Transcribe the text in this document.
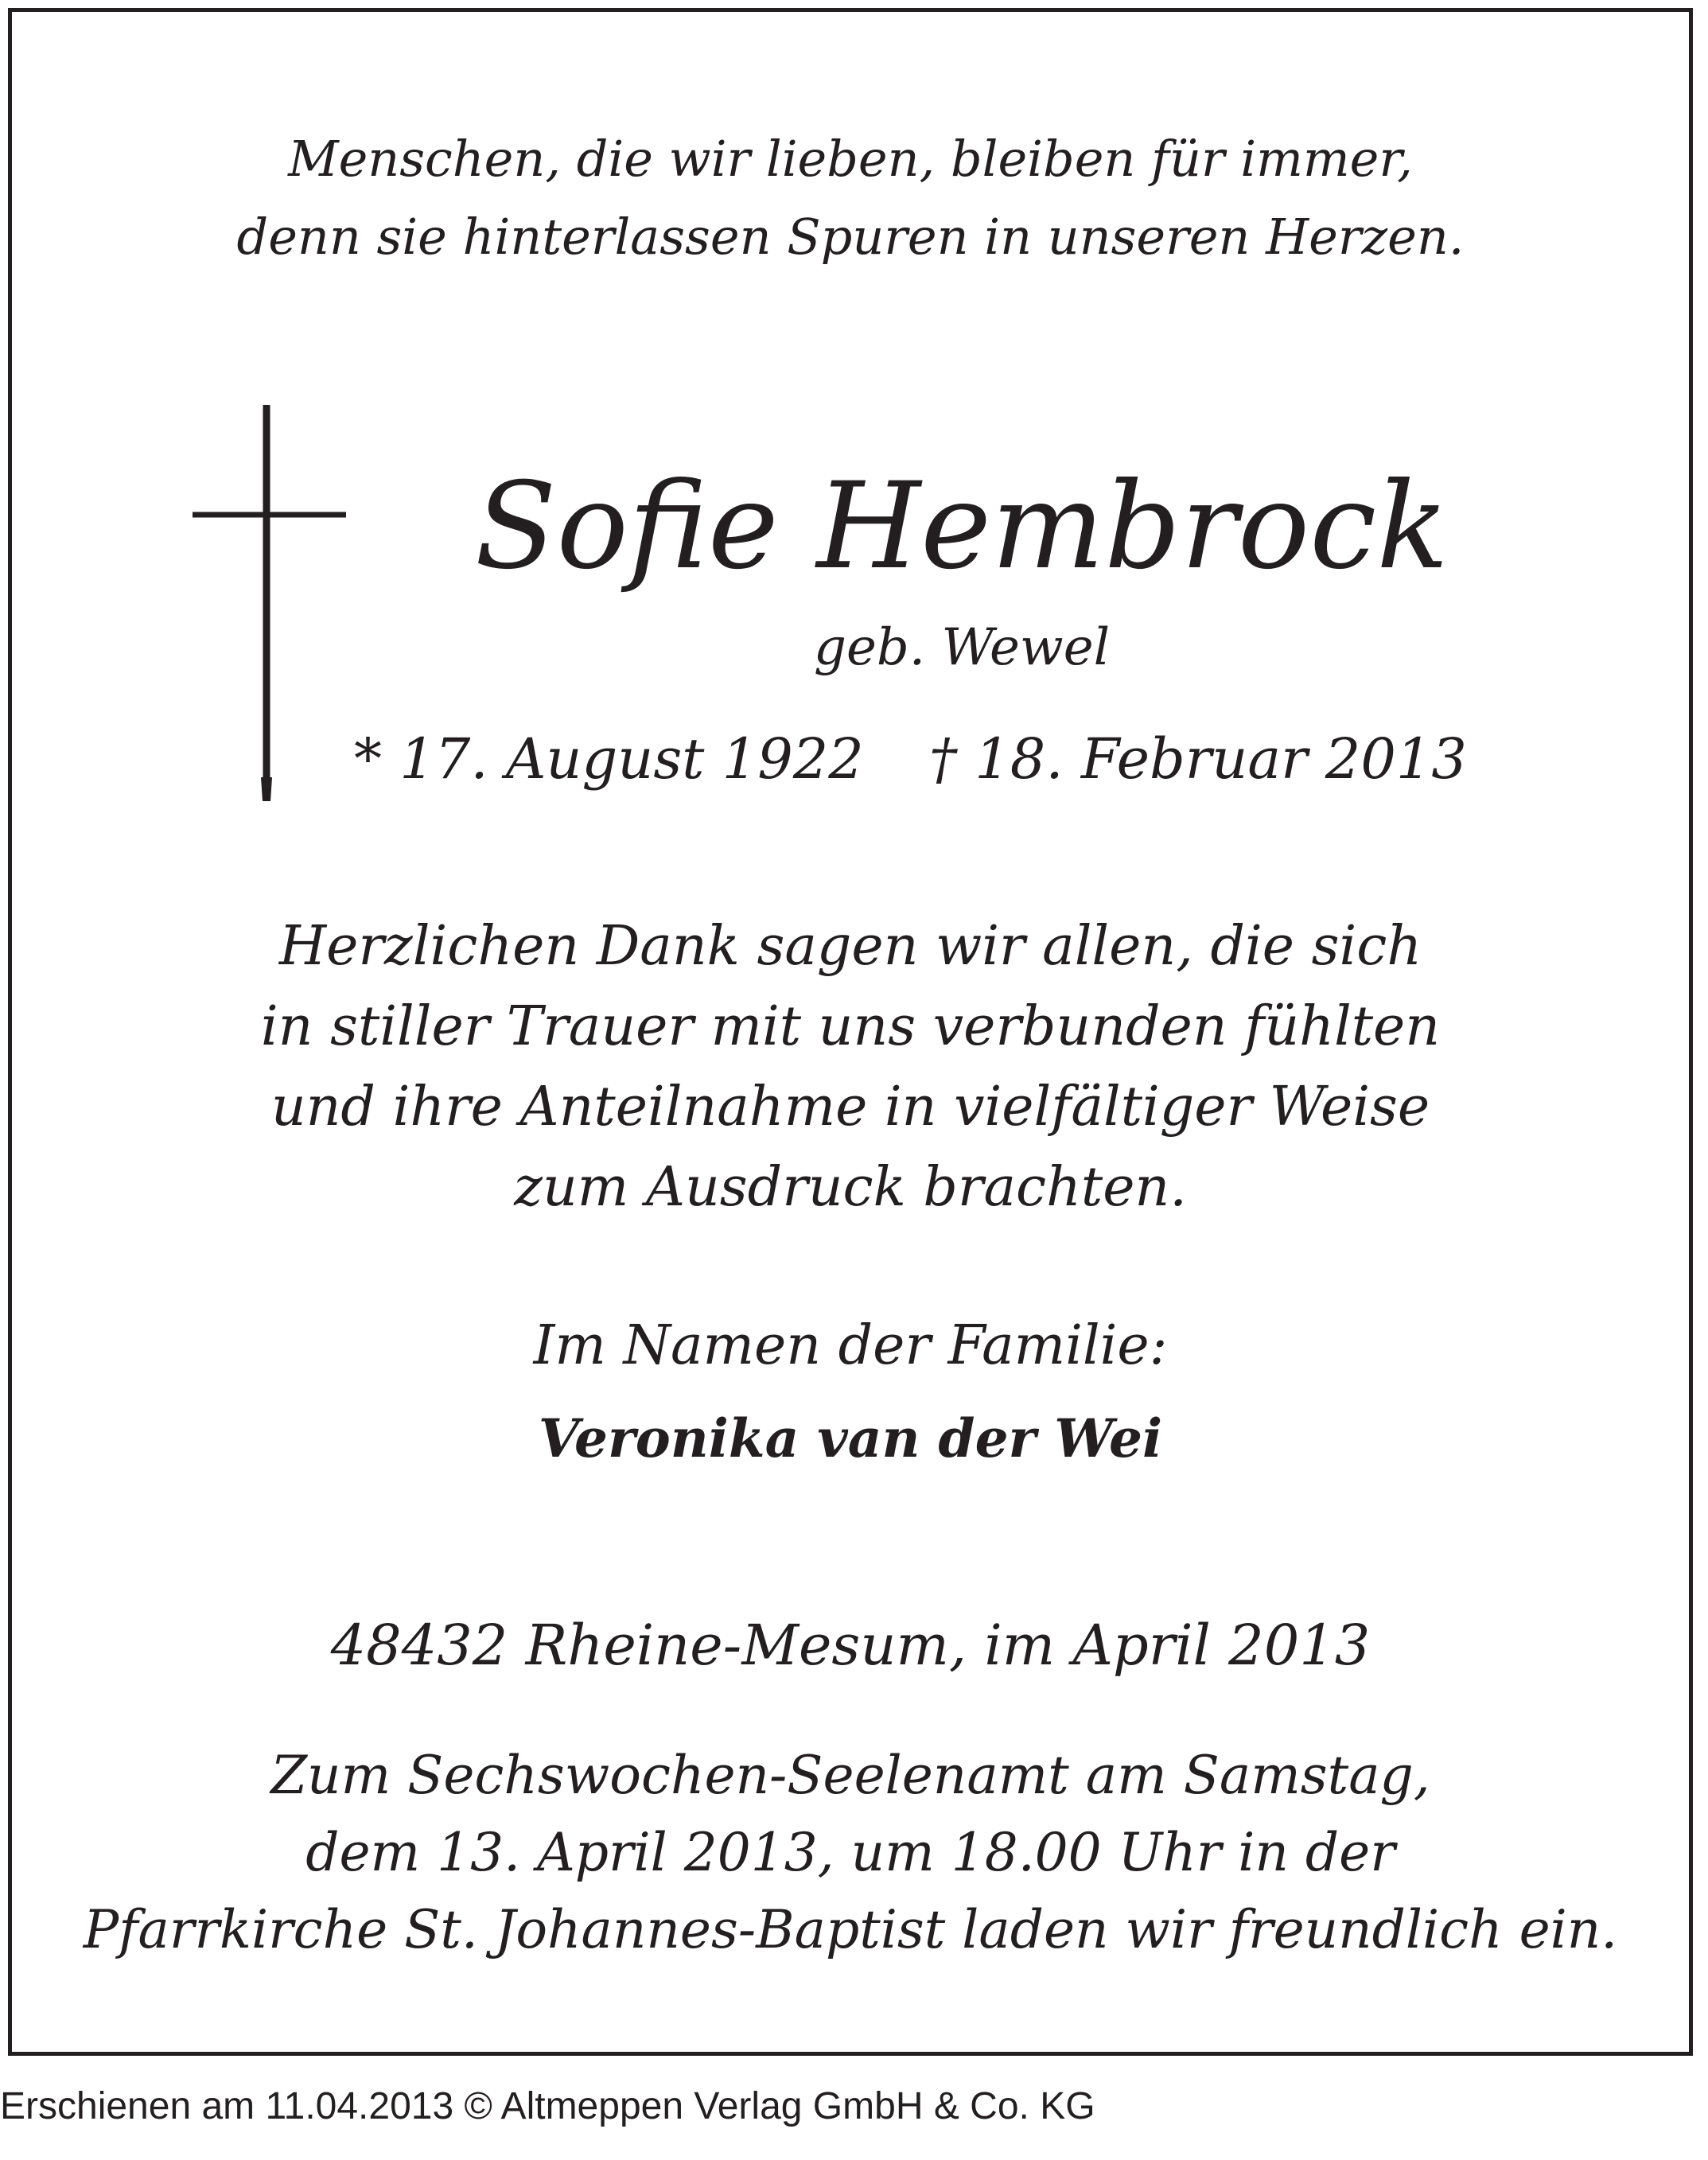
Menschen, die wir lieben, bleiben für immer,
denn sie hinterlassen Spuren in unseren Herzen.
Sofie Hembrock
geb. Wewel
* 17. August 1922 † 18. Februar 2013
Herzlichen Dank sagen wir allen, die sich
in stiller Trauer mit uns verbunden fühlten
und ihre Anteilnahme in vielfältiger Weise
zum Ausdruck brachten.
Im Namen der Familie:
Veronika van der Wei
48432 Rheine-Mesum, im April 2013
Zum Sechswochen-Seelenamt am Samstag,
dem 13. April 2013, um 18.00 Uhr in der
Pfarrkirche St. Johannes-Baptist laden wir freundlich ein.
Erschienen am 11.04.2013 © Altmeppen Verlag GmbH & Co. KG
